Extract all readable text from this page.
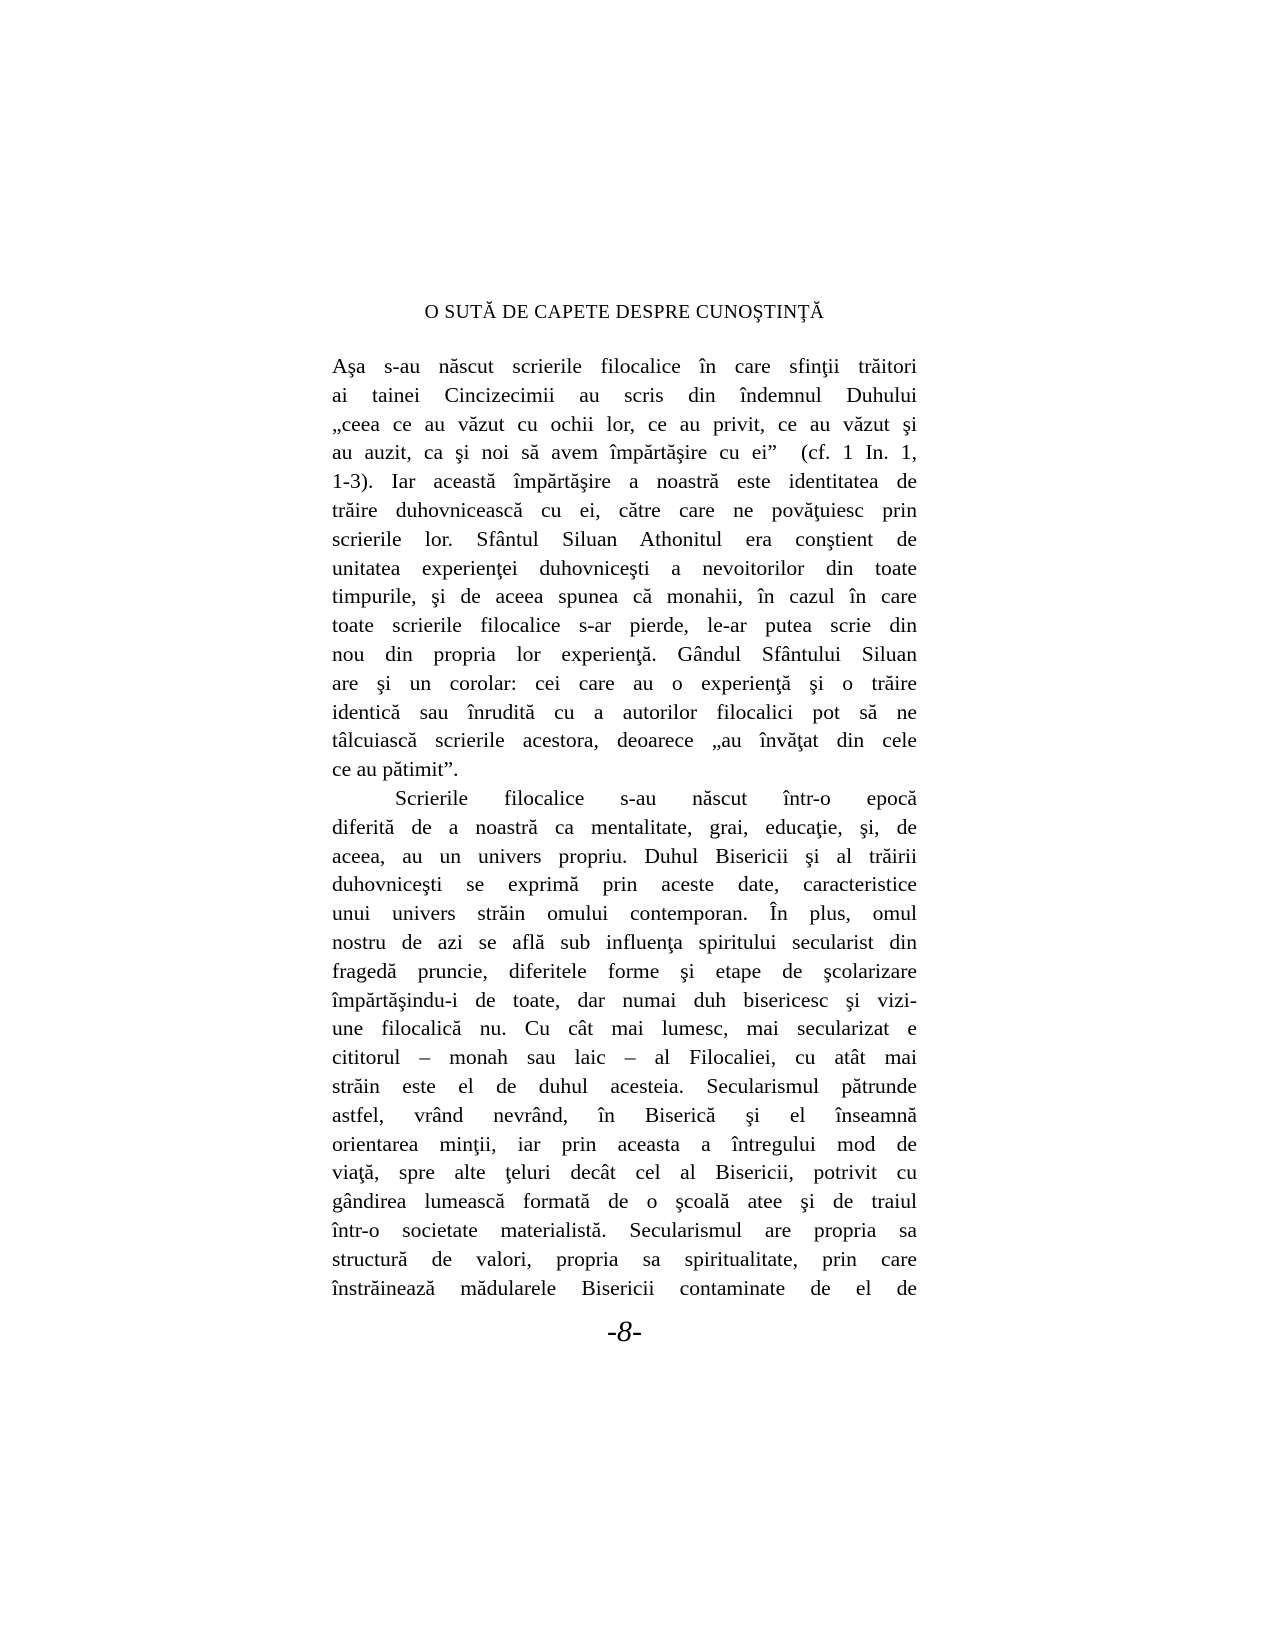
O SUTĂ DE CAPETE DESPRE CUNOŞTINŢĂ
Aşa s-au născut scrierile filocalice în care sfinţii trăitori
ai tainei Cincizecimii au scris din îndemnul Duhului
„ceea ce au văzut cu ochii lor, ce au privit, ce au văzut şi
au auzit, ca şi noi să avem împărtăşire cu ei”  (cf. 1 In. 1,
1-3). Iar această împărtăşire a noastră este identitatea de
trăire duhovnicească cu ei, către care ne povăţuiesc prin
scrierile lor. Sfântul Siluan Athonitul era conştient de
unitatea experienţei duhovniceşti a nevoitorilor din toate
timpurile, şi de aceea spunea că monahii, în cazul în care
toate scrierile filocalice s-ar pierde, le-ar putea scrie din
nou din propria lor experienţă. Gândul Sfântului Siluan
are şi un corolar: cei care au o experienţă şi o trăire
identică sau înrudită cu a autorilor filocalici pot să ne
tâlcuiască scrierile acestora, deoarece „au învăţat din cele
ce au pătimit”.
Scrierile filocalice s-au născut într-o epocă
diferită de a noastră ca mentalitate, grai, educaţie, şi, de
aceea, au un univers propriu. Duhul Bisericii şi al trăirii
duhovniceşti se exprimă prin aceste date, caracteristice
unui univers străin omului contemporan. În plus, omul
nostru de azi se află sub influenţa spiritului secularist din
fragedă pruncie, diferitele forme şi etape de şcolarizare
împărtăşindu-i de toate, dar numai duh bisericesc şi vizi-
une filocalică nu. Cu cât mai lumesc, mai secularizat e
cititorul – monah sau laic – al Filocaliei, cu atât mai
străin este el de duhul acesteia. Secularismul pătrunde
astfel, vrând nevrând, în Biserică şi el înseamnă
orientarea minţii, iar prin aceasta a întregului mod de
viaţă, spre alte ţeluri decât cel al Bisericii, potrivit cu
gândirea lumească formată de o şcoală atee şi de traiul
într-o societate materialistă. Secularismul are propria sa
structură de valori, propria sa spiritualitate, prin care
înstrăinează mădularele Bisericii contaminate de el de
-8-
